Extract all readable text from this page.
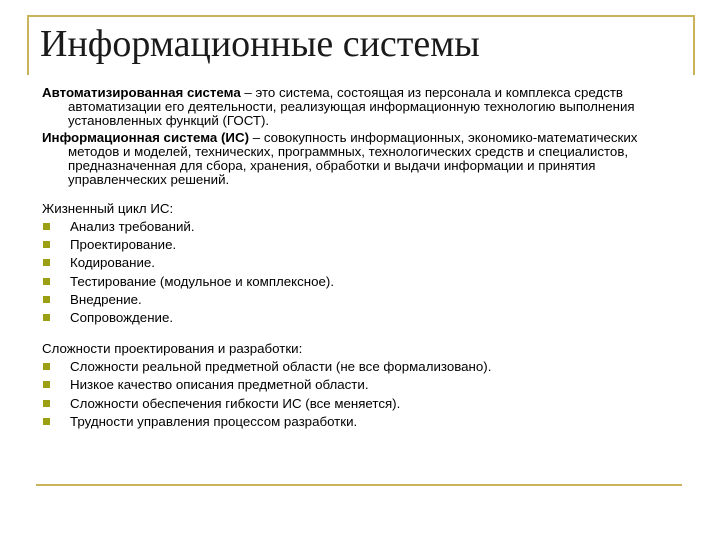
Информационные системы

Автоматизированная система – это система, состоящая из персонала и комплекса средств автоматизации его деятельности, реализующая информационную технологию выполнения установленных функций (ГОСТ).

Информационная система (ИС) – совокупность информационных, экономико-математических методов и моделей, технических, программных, технологических средств и специалистов, предназначенная для сбора, хранения, обработки и выдачи информации и принятия управленческих решений.

Жизненный цикл ИС:
Анализ требований.
Проектирование.
Кодирование.
Тестирование (модульное и комплексное).
Внедрение.
Сопровождение.
Сложности проектирования и разработки:
Сложности реальной предметной области (не все формализовано).
Низкое качество описания предметной области.
Сложности обеспечения гибкости ИС (все меняется).
Трудности управления процессом разработки.
